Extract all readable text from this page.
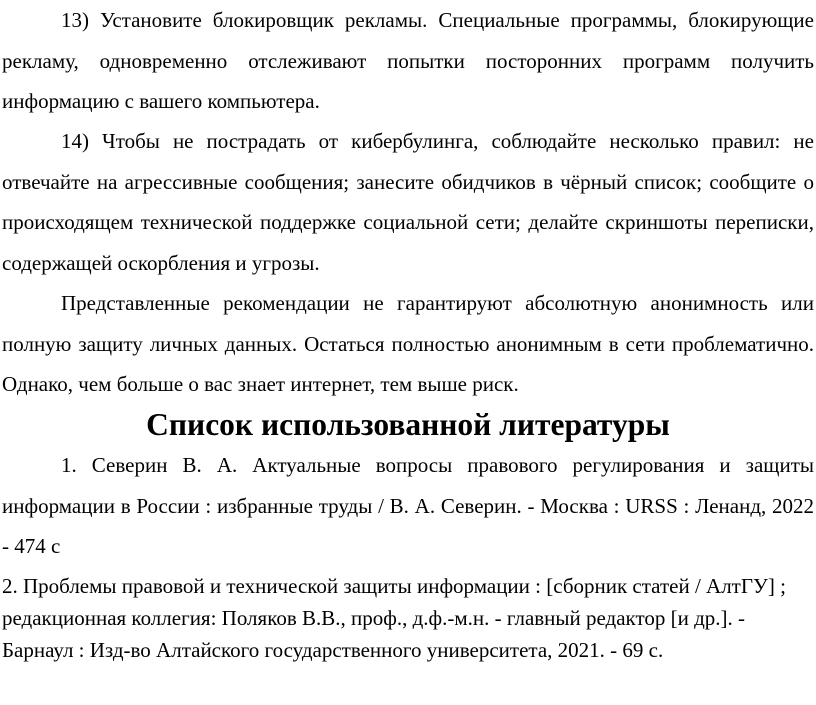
13) Установите блокировщик рекламы. Специальные программы, блокирующие рекламу, одновременно отслеживают попытки посторонних программ получить информацию с вашего компьютера.

14) Чтобы не пострадать от кибербулинга, соблюдайте несколько правил: не отвечайте на агрессивные сообщения; занесите обидчиков в чёрный список; сообщите о происходящем технической поддержке социальной сети; делайте скриншоты переписки, содержащей оскорбления и угрозы.

Представленные рекомендации не гарантируют абсолютную анонимность или полную защиту личных данных. Остаться полностью анонимным в сети проблематично. Однако, чем больше о вас знает интернет, тем выше риск.

Список использованной литературы

1. Северин В. А. Актуальные вопросы правового регулирования и защиты информации в России : избранные труды / В. А. Северин. - Москва : URSS : Ленанд, 2022 - 474 с

2. Проблемы правовой и технической защиты информации : [сборник статей / АлтГУ] ; редакционная коллегия: Поляков В.В., проф., д.ф.-м.н. - главный редактор [и др.]. - Барнаул : Изд-во Алтайского государственного университета, 2021. - 69 с.
